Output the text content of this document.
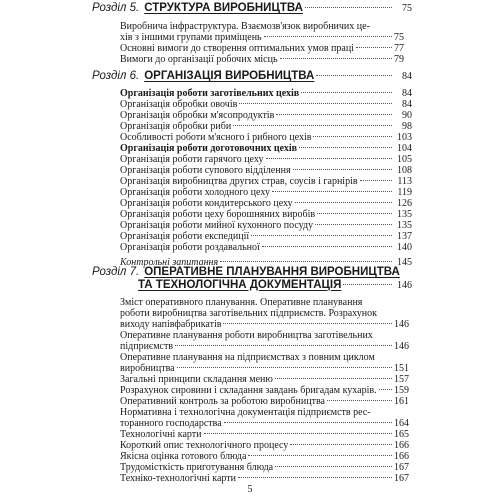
Розділ 5. СТРУКТУРА ВИРОБНИЦТВА	75
Виробнича інфраструктура. Взаємозв'язок виробничих це-
хів з іншими групами приміщень	75
Основні вимоги до створення оптимальних умов праці	77
Вимоги до організації робочих місць	79
Розділ 6. ОРГАНІЗАЦІЯ ВИРОБНИЦТВА	84
Організація роботи заготівельних цехів	84
Організація обробки овочів	84
Організація обробки м'ясопродуктів	90
Організація обробки риби	98
Особливості роботи м'ясного і рибного цехів	103
Організація роботи доготовочних цехів	104
Організація роботи гарячого цеху	105
Організація роботи супового відділення	108
Організація виробництва других страв, соусів і гарнірів	113
Організація роботи холодного цеху	119
Організація роботи кондитерського цеху	126
Організація роботи цеху борошняних виробів	135
Організація роботи мийної кухонного посуду	135
Організація роботи експедиції	137
Організація роботи роздавальної	140
Контрольні запитання	145
Розділ 7. ОПЕРАТИВНЕ ПЛАНУВАННЯ ВИРОБНИЦТВА
ТА ТЕХНОЛОГІЧНА ДОКУМЕНТАЦІЯ	146
Зміст оперативного планування. Оперативне планування
роботи виробництва заготівельних підприємств. Розрахунок
виходу напівфабрикатів	146
Оперативне планування роботи виробництва заготівельних
підприємств	146
Оперативне планування на підприємствах з повним циклом
виробництва	151
Загальні принципи складання меню	157
Розрахунок сировини і складання завдань бригадам кухарів. 159
Оперативний контроль за роботою виробництва	161
Нормативна і технологічна документація підприємств рес-
торанного господарства	164
Технологічні карти	165
Короткий опис технологічного процесу	166
Якісна оцінка готового блюда	166
Трудомісткість приготування блюда	167
Техніко-технологічні карти	167
5
